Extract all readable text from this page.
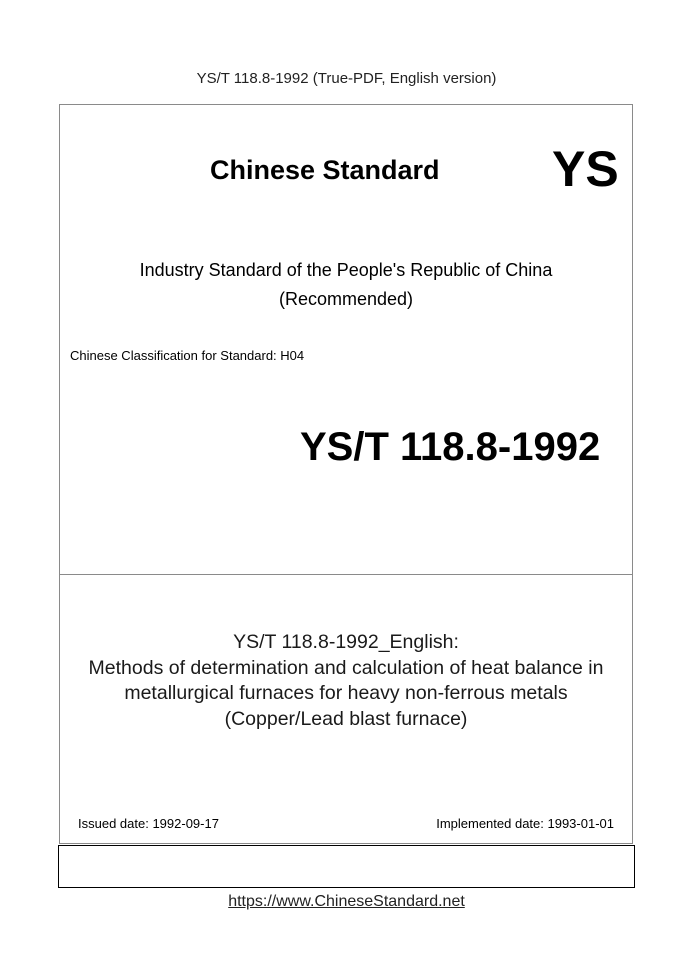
YS/T 118.8-1992 (True-PDF, English version)
Chinese Standard YS
Industry Standard of the People's Republic of China
(Recommended)
Chinese Classification for Standard: H04
YS/T 118.8-1992
YS/T 118.8-1992_English:
Methods of determination and calculation of heat balance in
metallurgical furnaces for heavy non-ferrous metals
(Copper/Lead blast furnace)
Issued date: 1992-09-17	Implemented date: 1993-01-01
https://www.ChineseStandard.net
